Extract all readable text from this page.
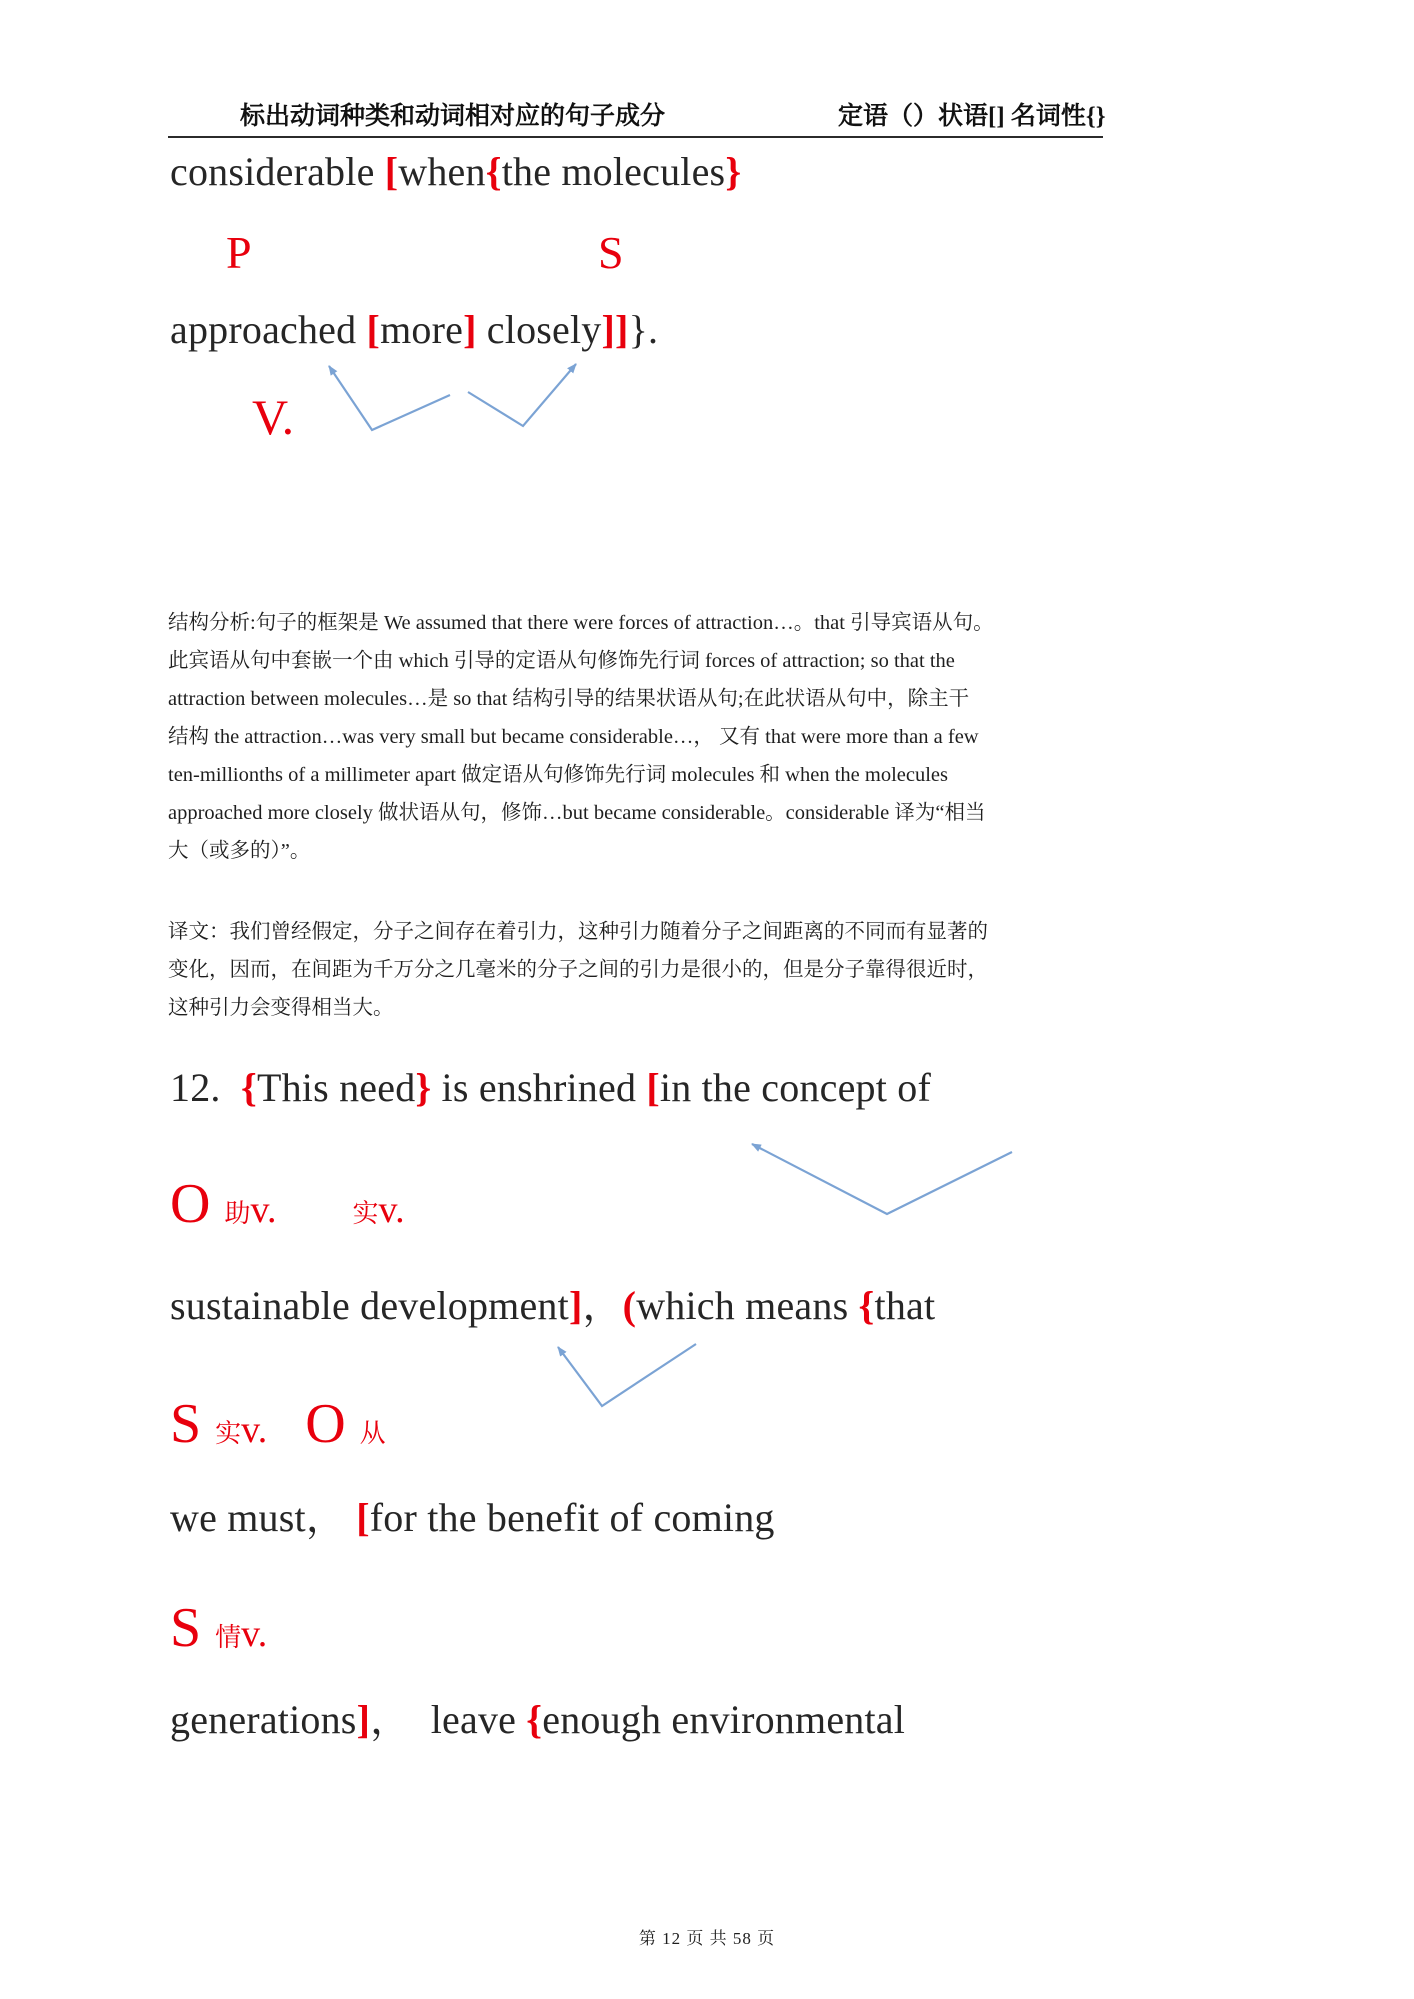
标出动词种类和动词相对应的句子成分	定语（）状语[] 名词性{}
considerable [when{the molecules}
P	S
approached [more] closely]]}.
V.
结构分析:句子的框架是 We assumed that there were forces of attraction…。that 引导宾语从句。
此宾语从句中套嵌一个由 which 引导的定语从句修饰先行词 forces of attraction; so that the
attraction between molecules…是 so that 结构引导的结果状语从句;在此状语从句中，除主干
结构 the attraction…was very small but became considerable…， 又有 that were more than a few
ten-millionths of a millimeter apart 做定语从句修饰先行词 molecules 和 when the molecules
approached more closely 做状语从句，修饰…but became considerable。considerable 译为“相当
大（或多的）”。
译文：我们曾经假定，分子之间存在着引力，这种引力随着分子之间距离的不同而有显著的
变化，因而，在间距为千万分之几毫米的分子之间的引力是很小的，但是分子靠得很近时，
这种引力会变得相当大。
12.  {This need} is enshrined [in the concept of
O 助v.	实v.
sustainable development]，(which means {that
S 实v. O 从
we must， [for the benefit of coming
S 情v.
generations]，  leave {enough environmental
第 12 页 共 58 页
